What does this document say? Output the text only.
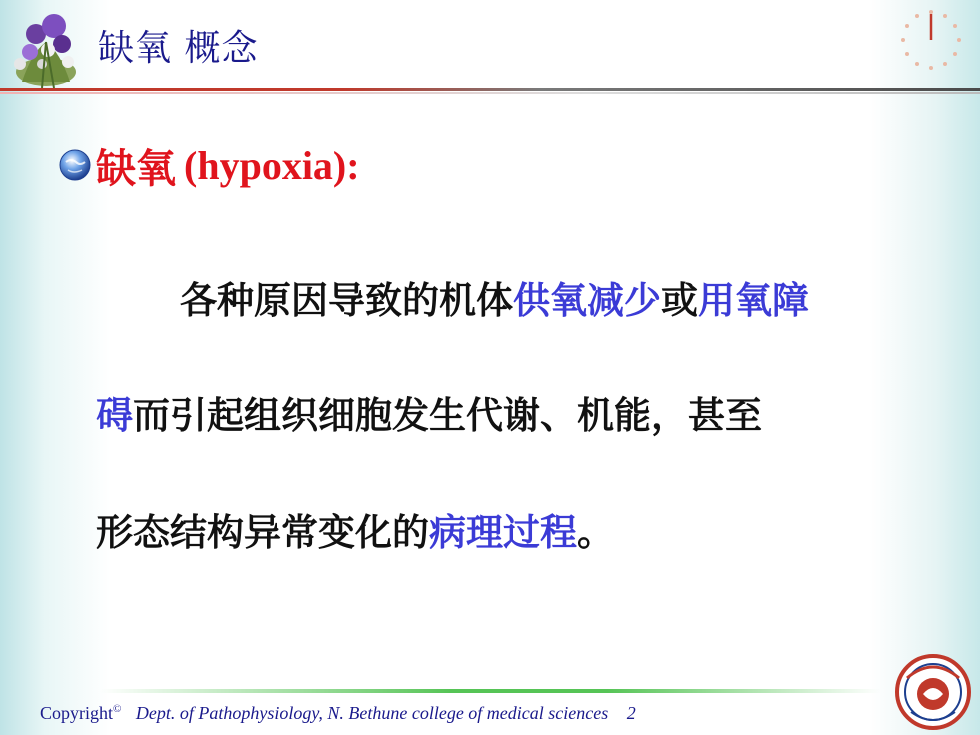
缺氧 概念
缺氧 (hypoxia):
各种原因导致的机体供氧减少或用氧障
碍而引起组织细胞发生代谢、机能，甚至
形态结构异常变化的病理过程。
Copyright© Dept. of Pathophysiology, N. Bethune college of medical sciences 2
